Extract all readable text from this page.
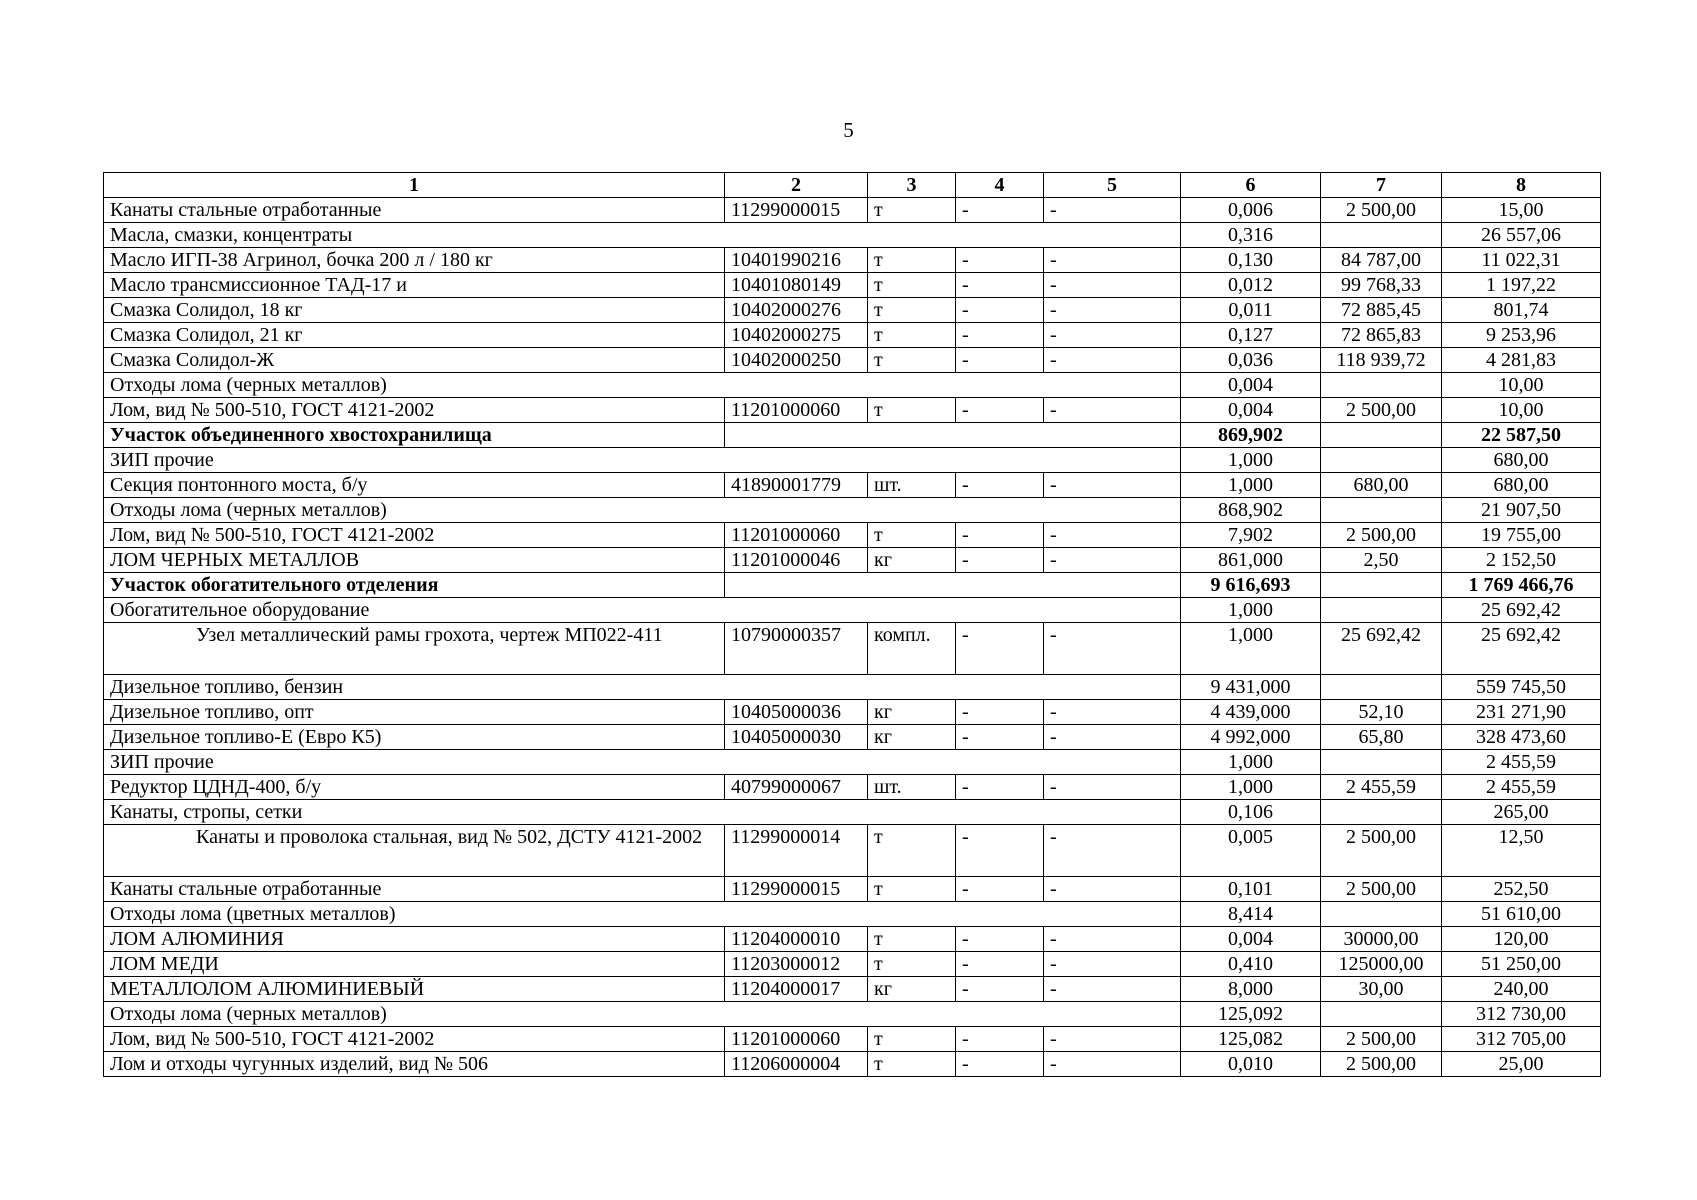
5
1	2	3	4	5	6	7	8
Канаты стальные отработанные	11299000015	т	-	-	0,006	2 500,00	15,00
Масла, смазки, концентраты					0,316		26 557,06
Масло ИГП-38 Агринол, бочка 200 л / 180 кг	10401990216	т	-	-	0,130	84 787,00	11 022,31
Масло трансмиссионное ТАД-17 и	10401080149	т	-	-	0,012	99 768,33	1 197,22
Смазка Солидол, 18 кг	10402000276	т	-	-	0,011	72 885,45	801,74
Смазка Солидол, 21 кг	10402000275	т	-	-	0,127	72 865,83	9 253,96
Смазка Солидол-Ж	10402000250	т	-	-	0,036	118 939,72	4 281,83
Отходы лома (черных металлов)					0,004		10,00
Лом, вид № 500-510, ГОСТ 4121-2002	11201000060	т	-	-	0,004	2 500,00	10,00
Участок объединенного хвостохранилища					869,902		22 587,50
ЗИП прочие					1,000		680,00
Секция понтонного моста, б/у	41890001779	шт.	-	-	1,000	680,00	680,00
Отходы лома (черных металлов)					868,902		21 907,50
Лом, вид № 500-510, ГОСТ 4121-2002	11201000060	т	-	-	7,902	2 500,00	19 755,00
ЛОМ ЧЕРНЫХ МЕТАЛЛОВ	11201000046	кг	-	-	861,000	2,50	2 152,50
Участок обогатительного отделения					9 616,693		1 769 466,76
Обогатительное оборудование					1,000		25 692,42
Узел металлический рамы грохота, чертеж МП022-411	10790000357	компл.	-	-	1,000	25 692,42	25 692,42
Дизельное топливо, бензин					9 431,000		559 745,50
Дизельное топливо, опт	10405000036	кг	-	-	4 439,000	52,10	231 271,90
Дизельное топливо-Е (Евро К5)	10405000030	кг	-	-	4 992,000	65,80	328 473,60
ЗИП прочие					1,000		2 455,59
Редуктор ЦДНД-400, б/у	40799000067	шт.	-	-	1,000	2 455,59	2 455,59
Канаты, стропы, сетки					0,106		265,00
Канаты и проволока стальная, вид № 502, ДСТУ 4121-2002	11299000014	т	-	-	0,005	2 500,00	12,50
Канаты стальные отработанные	11299000015	т	-	-	0,101	2 500,00	252,50
Отходы лома (цветных металлов)					8,414		51 610,00
ЛОМ АЛЮМИНИЯ	11204000010	т	-	-	0,004	30000,00	120,00
ЛОМ МЕДИ	11203000012	т	-	-	0,410	125000,00	51 250,00
МЕТАЛЛОЛОМ АЛЮМИНИЕВЫЙ	11204000017	кг	-	-	8,000	30,00	240,00
Отходы лома (черных металлов)					125,092		312 730,00
Лом, вид № 500-510, ГОСТ 4121-2002	11201000060	т	-	-	125,082	2 500,00	312 705,00
Лом и отходы чугунных изделий, вид № 506	11206000004	т	-	-	0,010	2 500,00	25,00
